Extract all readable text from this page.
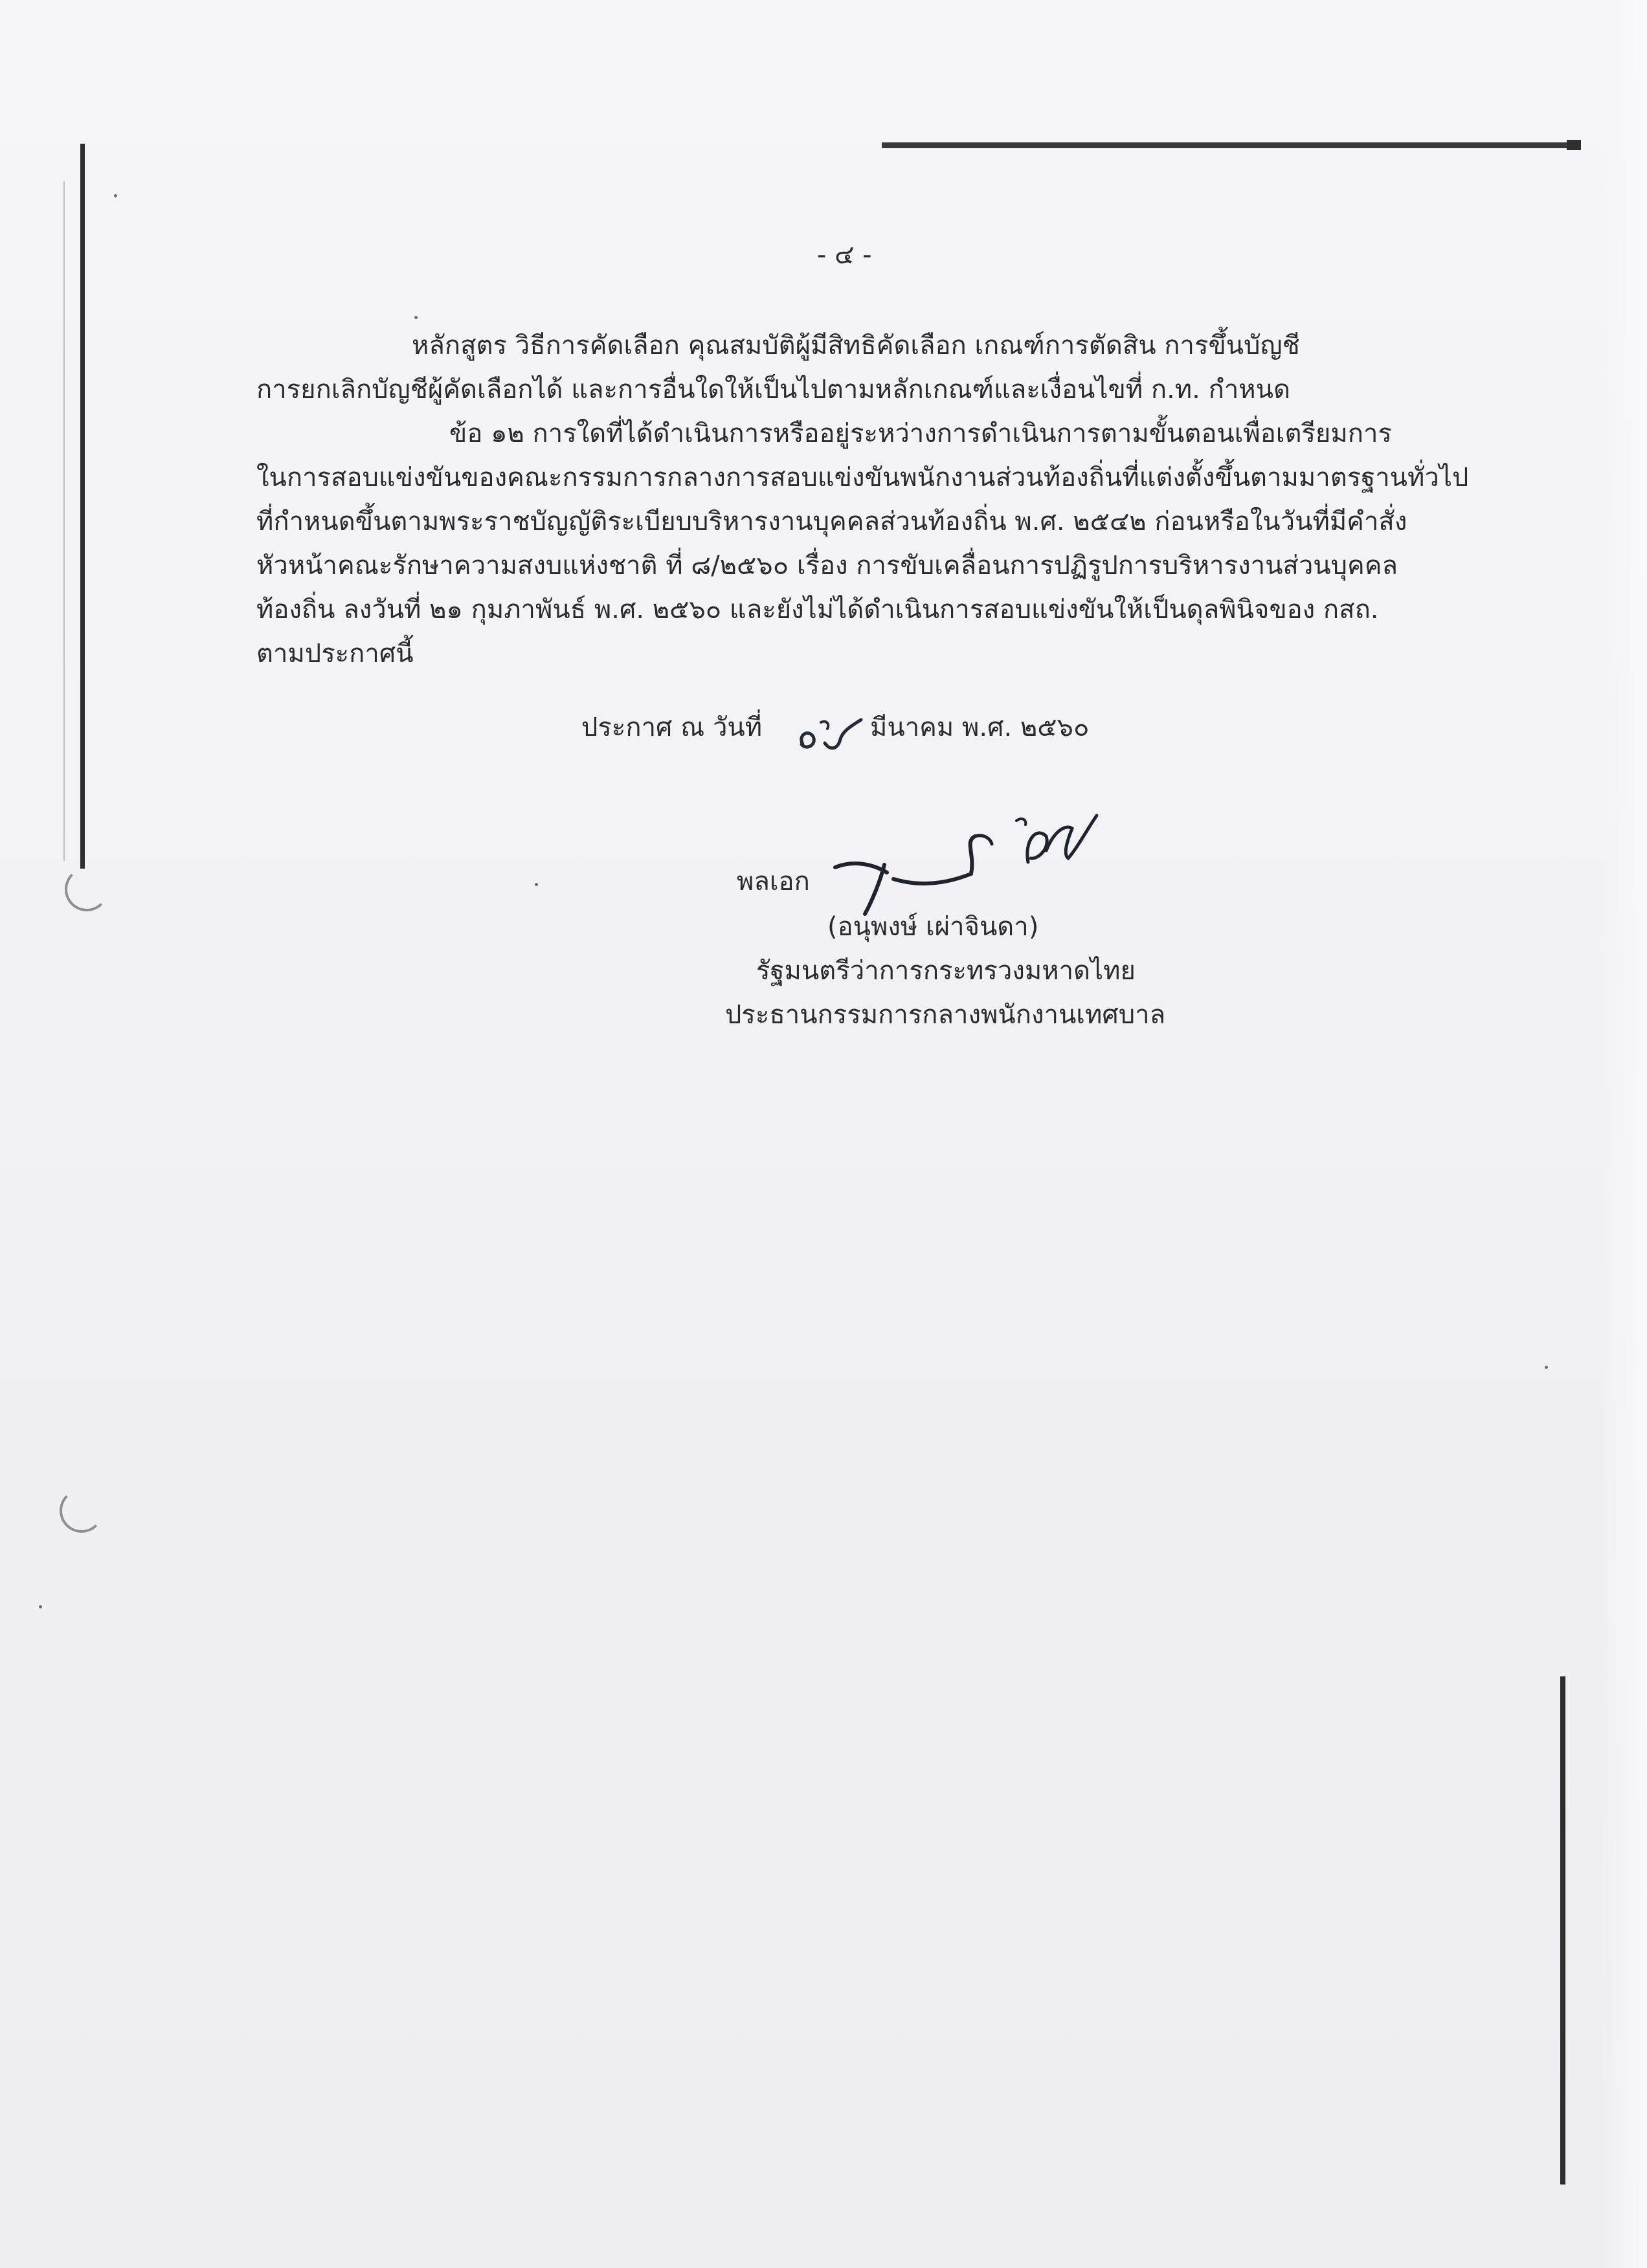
- ๔ -
หลักสูตร วิธีการคัดเลือก คุณสมบัติผู้มีสิทธิคัดเลือก เกณฑ์การตัดสิน การขึ้นบัญชี
การยกเลิกบัญชีผู้คัดเลือกได้ และการอื่นใดให้เป็นไปตามหลักเกณฑ์และเงื่อนไขที่ ก.ท. กำหนด
ข้อ ๑๒ การใดที่ได้ดำเนินการหรืออยู่ระหว่างการดำเนินการตามขั้นตอนเพื่อเตรียมการ
ในการสอบแข่งขันของคณะกรรมการกลางการสอบแข่งขันพนักงานส่วนท้องถิ่นที่แต่งตั้งขึ้นตามมาตรฐานทั่วไป
ที่กำหนดขึ้นตามพระราชบัญญัติระเบียบบริหารงานบุคคลส่วนท้องถิ่น พ.ศ. ๒๕๔๒ ก่อนหรือในวันที่มีคำสั่ง
หัวหน้าคณะรักษาความสงบแห่งชาติ ที่ ๘/๒๕๖๐ เรื่อง การขับเคลื่อนการปฏิรูปการบริหารงานส่วนบุคคล
ท้องถิ่น ลงวันที่ ๒๑ กุมภาพันธ์ พ.ศ. ๒๕๖๐ และยังไม่ได้ดำเนินการสอบแข่งขันให้เป็นดุลพินิจของ กสถ.
ตามประกาศนี้
ประกาศ ณ วันที่	มีนาคม พ.ศ. ๒๕๖๐
พลเอก
(อนุพงษ์ เผ่าจินดา)
รัฐมนตรีว่าการกระทรวงมหาดไทย
ประธานกรรมการกลางพนักงานเทศบาล
